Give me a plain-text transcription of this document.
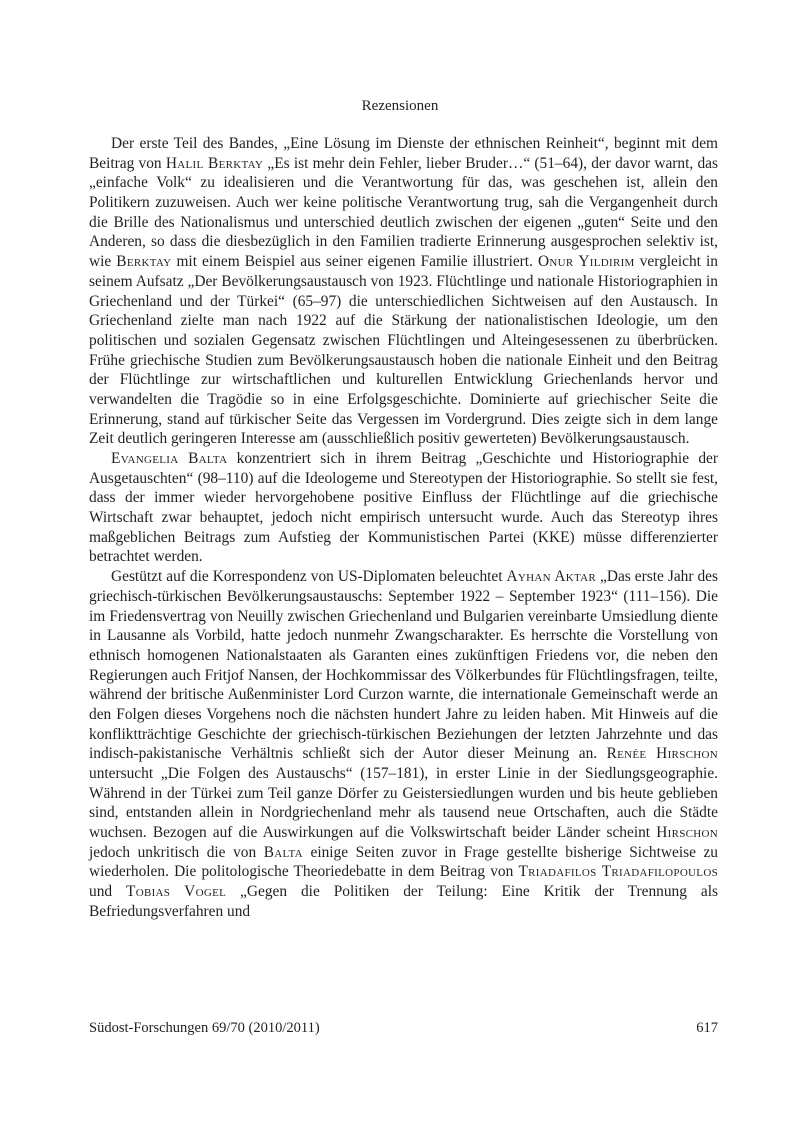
Rezensionen

Der erste Teil des Bandes, „Eine Lösung im Dienste der ethnischen Reinheit“, beginnt mit dem Beitrag von Halil Berktay „Es ist mehr dein Fehler, lieber Bruder…“ (51–64), der davor warnt, das „einfache Volk“ zu idealisieren und die Verantwortung für das, was geschehen ist, allein den Politikern zuzuweisen. Auch wer keine politische Verantwortung trug, sah die Vergangenheit durch die Brille des Nationalismus und unterschied deutlich zwischen der eigenen „guten“ Seite und den Anderen, so dass die diesbezüglich in den Familien tradierte Erinnerung ausgesprochen selektiv ist, wie Berktay mit einem Beispiel aus seiner eigenen Familie illustriert. Onur Yildirim vergleicht in seinem Aufsatz „Der Bevölkerungsaustausch von 1923. Flüchtlinge und nationale Historiographien in Griechenland und der Türkei“ (65–97) die unterschiedlichen Sichtweisen auf den Austausch. In Griechenland zielte man nach 1922 auf die Stärkung der nationalistischen Ideologie, um den politischen und sozialen Gegensatz zwischen Flüchtlingen und Alteingesessenen zu überbrücken. Frühe griechische Studien zum Bevölkerungsaustausch hoben die nationale Einheit und den Beitrag der Flüchtlinge zur wirtschaftlichen und kulturellen Entwicklung Griechenlands hervor und verwandelten die Tragödie so in eine Erfolgsgeschichte. Dominierte auf griechischer Seite die Erinnerung, stand auf türkischer Seite das Vergessen im Vordergrund. Dies zeigte sich in dem lange Zeit deutlich geringeren Interesse am (ausschließlich positiv gewerteten) Bevölkerungsaustausch.

Evangelia Balta konzentriert sich in ihrem Beitrag „Geschichte und Historiographie der Ausgetauschten“ (98–110) auf die Ideologeme und Stereotypen der Historiographie. So stellt sie fest, dass der immer wieder hervorgehobene positive Einfluss der Flüchtlinge auf die griechische Wirtschaft zwar behauptet, jedoch nicht empirisch untersucht wurde. Auch das Stereotyp ihres maßgeblichen Beitrags zum Aufstieg der Kommunistischen Partei (KKE) müsse differenzierter betrachtet werden.

Gestützt auf die Korrespondenz von US-Diplomaten beleuchtet Ayhan Aktar „Das erste Jahr des griechisch-türkischen Bevölkerungsaustauschs: September 1922 – September 1923“ (111–156). Die im Friedensvertrag von Neuilly zwischen Griechenland und Bulgarien vereinbarte Umsiedlung diente in Lausanne als Vorbild, hatte jedoch nunmehr Zwangscharakter. Es herrschte die Vorstellung von ethnisch homogenen Nationalstaaten als Garanten eines zukünftigen Friedens vor, die neben den Regierungen auch Fritjof Nansen, der Hochkommissar des Völkerbundes für Flüchtlingsfragen, teilte, während der britische Außenminister Lord Curzon warnte, die internationale Gemeinschaft werde an den Folgen dieses Vorgehens noch die nächsten hundert Jahre zu leiden haben. Mit Hinweis auf die konfliktträchtige Geschichte der griechisch-türkischen Beziehungen der letzten Jahrzehnte und das indisch-pakistanische Verhältnis schließt sich der Autor dieser Meinung an. Renée Hirschon untersucht „Die Folgen des Austauschs“ (157–181), in erster Linie in der Siedlungsgeographie. Während in der Türkei zum Teil ganze Dörfer zu Geistersiedlungen wurden und bis heute geblieben sind, entstanden allein in Nordgriechenland mehr als tausend neue Ortschaften, auch die Städte wuchsen. Bezogen auf die Auswirkungen auf die Volkswirtschaft beider Länder scheint Hirschon jedoch unkritisch die von Balta einige Seiten zuvor in Frage gestellte bisherige Sichtweise zu wiederholen. Die politologische Theoriedebatte in dem Beitrag von Triadafilos Triadafilopoulos und Tobias Vogel „Gegen die Politiken der Teilung: Eine Kritik der Trennung als Befriedungsverfahren und

Südost-Forschungen 69/70 (2010/2011)	617
